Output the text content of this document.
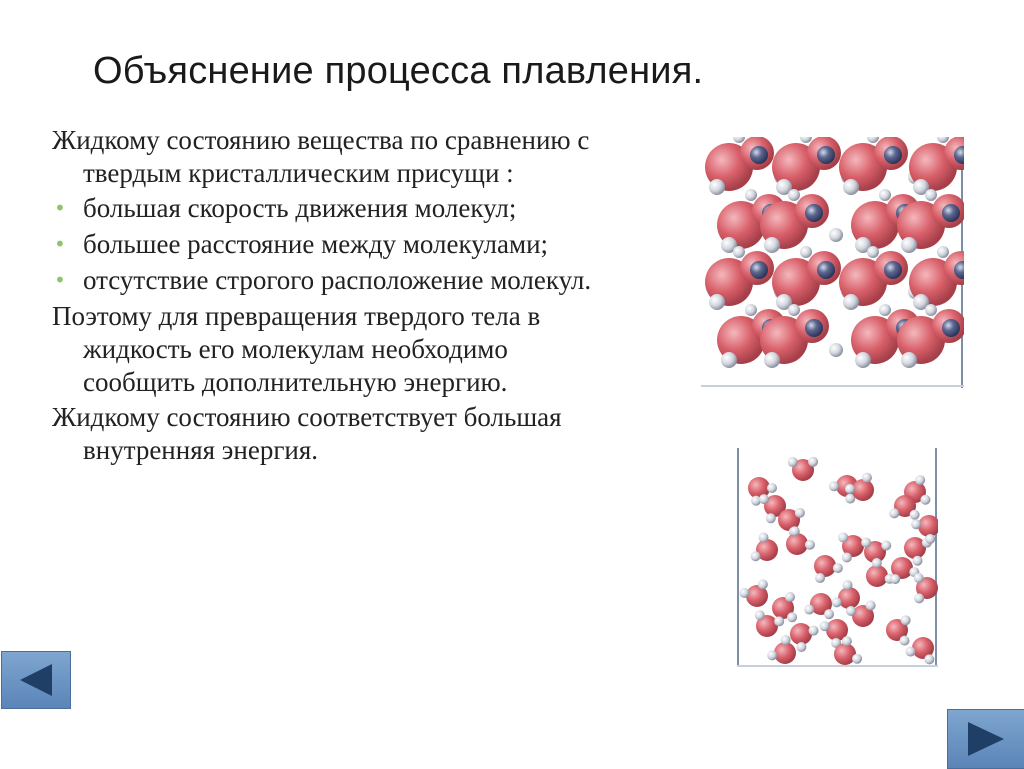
Объяснение процесса плавления.

Жидкому состоянию вещества по сравнению с твердым кристаллическим присущи :

• большая скорость движения молекул;
• большее расстояние между молекулами;
• отсутствие строгого расположение молекул.

Поэтому для превращения твердого тела в жидкость его молекулам необходимо сообщить дополнительную энергию.

Жидкому состоянию соответствует большая внутренняя энергия.
